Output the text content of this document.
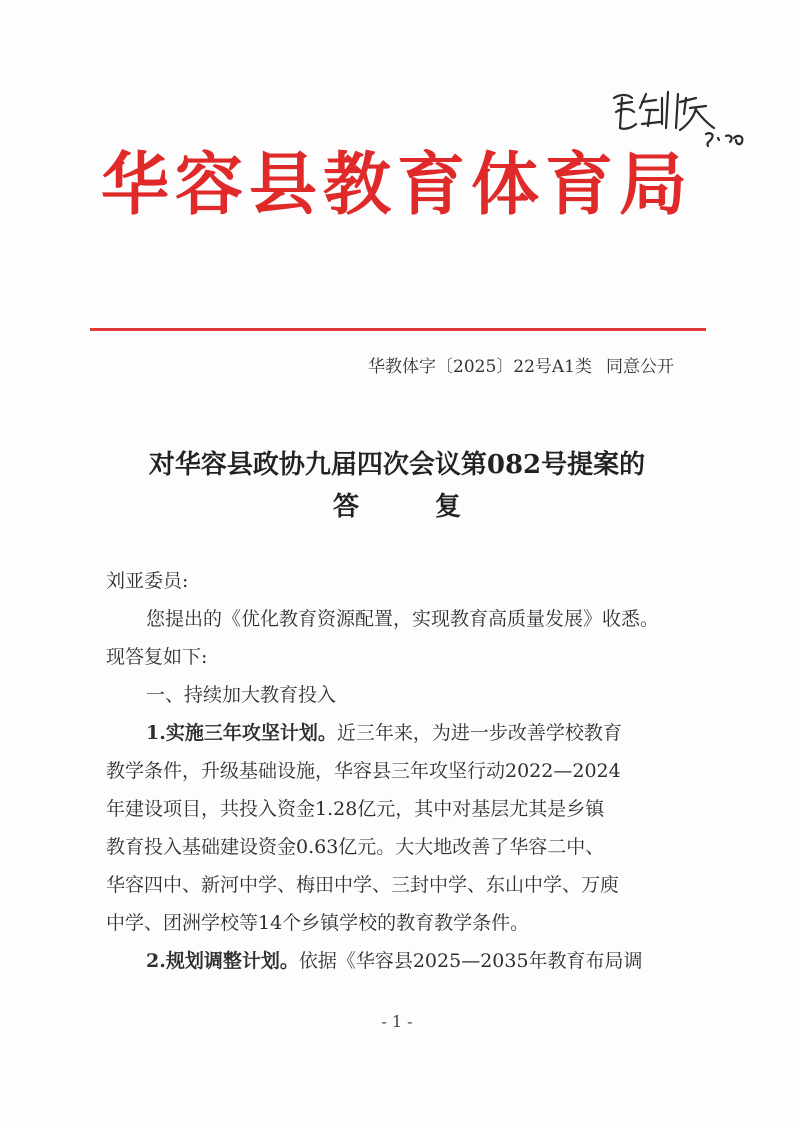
华容县教育体育局
华教体字〔2025〕22号A1类 同意公开
对华容县政协九届四次会议第082号提案的
答复
刘亚委员:
您提出的《优化教育资源配置，实现教育高质量发展》收悉。
现答复如下:
一、持续加大教育投入
1.实施三年攻坚计划。近三年来，为进一步改善学校教育
教学条件，升级基础设施，华容县三年攻坚行动2022—2024
年建设项目，共投入资金1.28亿元，其中对基层尤其是乡镇
教育投入基础建设资金0.63亿元。大大地改善了华容二中、
华容四中、新河中学、梅田中学、三封中学、东山中学、万庾
中学、团洲学校等14个乡镇学校的教育教学条件。
2.规划调整计划。依据《华容县2025—2035年教育布局调
- 1 -
